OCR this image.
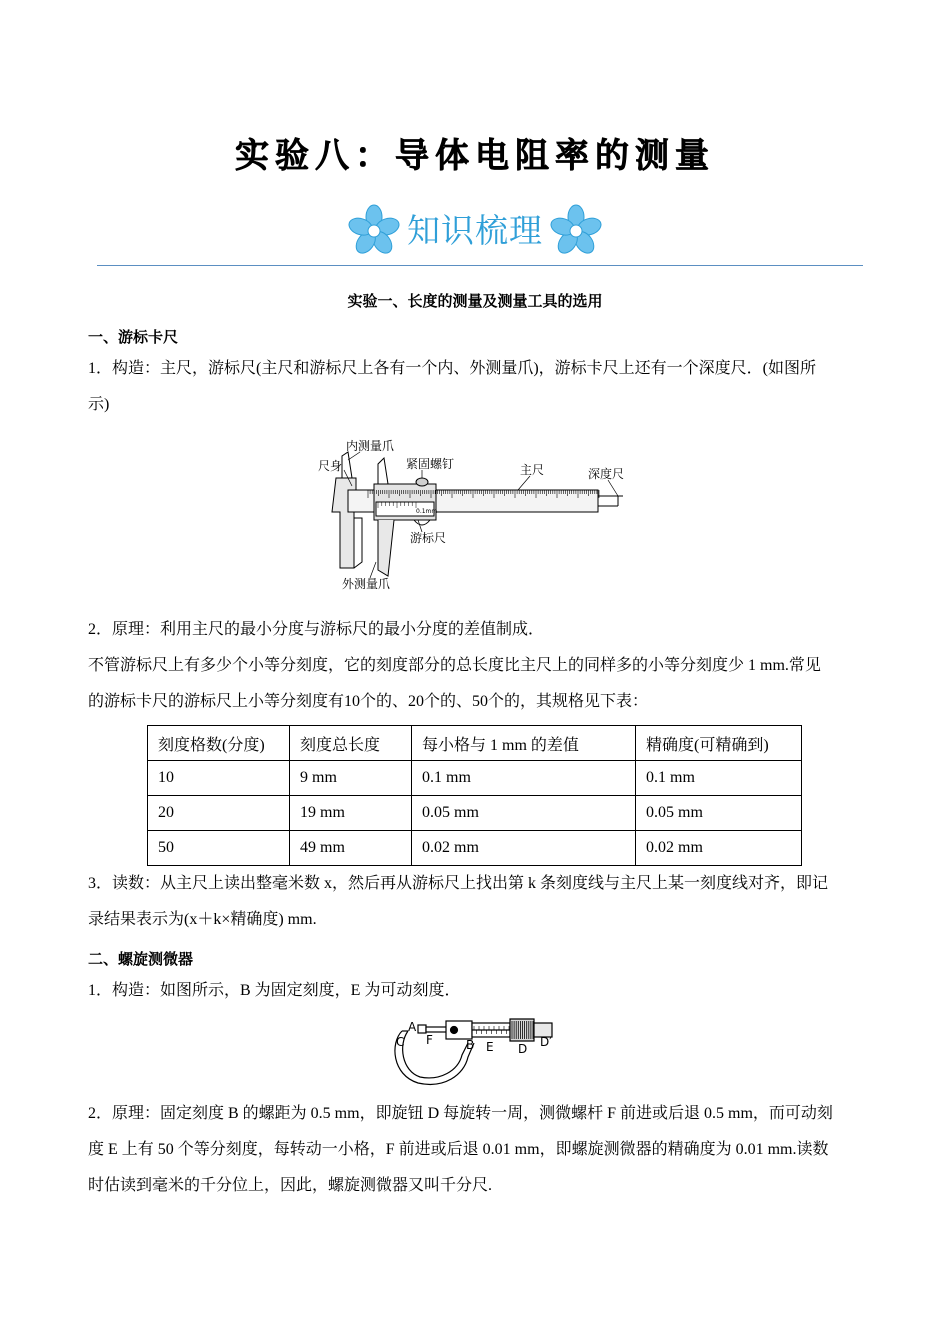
实验八：导体电阻率的测量
知识梳理
实验一、长度的测量及测量工具的选用
一、游标卡尺
1．构造：主尺，游标尺(主尺和游标尺上各有一个内、外测量爪)，游标卡尺上还有一个深度尺．(如图所
示)
内测量爪
尺身	紧固螺钉	主尺	深度尺
游标尺
外测量爪
0.1mm
2．原理：利用主尺的最小分度与游标尺的最小分度的差值制成．
不管游标尺上有多少个小等分刻度，它的刻度部分的总长度比主尺上的同样多的小等分刻度少 1 mm.常见
的游标卡尺的游标尺上小等分刻度有10个的、20个的、50个的，其规格见下表：
刻度格数(分度)	刻度总长度	每小格与 1 mm 的差值	精确度(可精确到)
10	9 mm	0.1 mm	0.1 mm
20	19 mm	0.05 mm	0.05 mm
50	49 mm	0.02 mm	0.02 mm
3．读数：从主尺上读出整毫米数 x，然后再从游标尺上找出第 k 条刻度线与主尺上某一刻度线对齐，即记
录结果表示为(x＋k×精确度) mm.
二、螺旋测微器
1．构造：如图所示，B 为固定刻度，E 为可动刻度．
A
C F	B E D D′
2．原理：固定刻度 B 的螺距为 0.5 mm，即旋钮 D 每旋转一周，测微螺杆 F 前进或后退 0.5 mm，而可动刻
度 E 上有 50 个等分刻度，每转动一小格，F 前进或后退 0.01 mm，即螺旋测微器的精确度为 0.01 mm.读数
时估读到毫米的千分位上，因此，螺旋测微器又叫千分尺.
